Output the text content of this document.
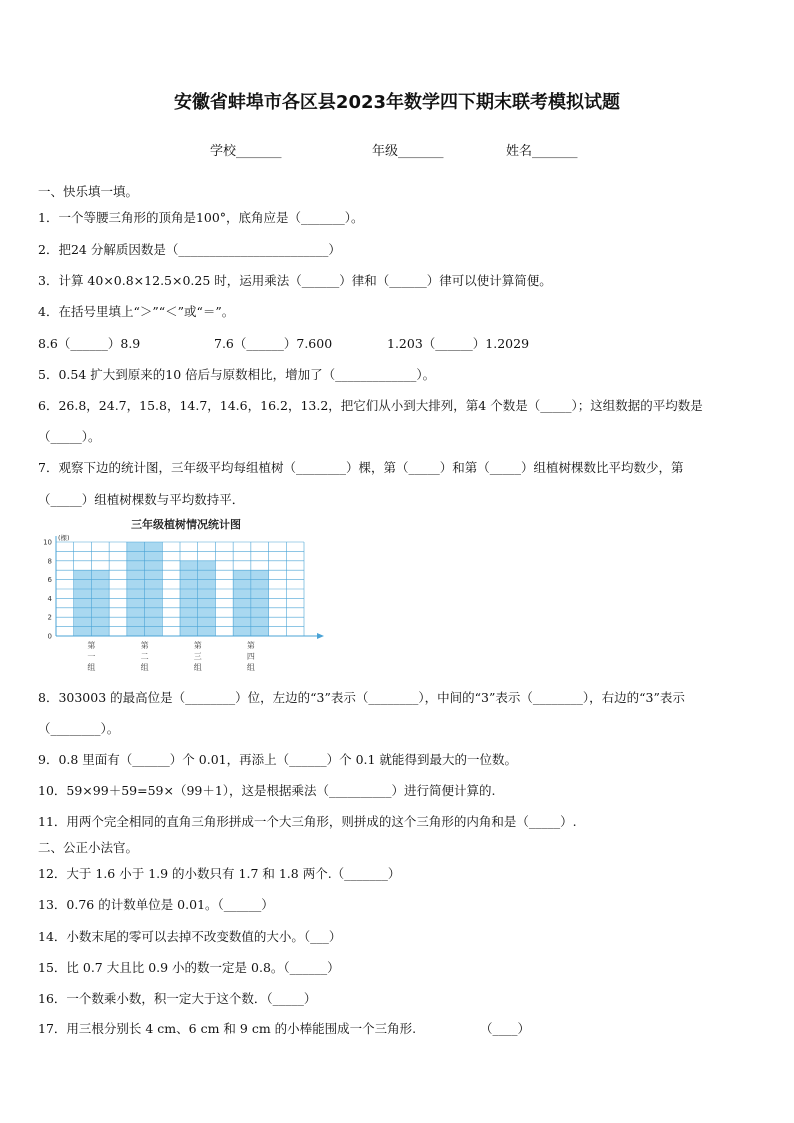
安徽省蚌埠市各区县2023年数学四下期末联考模拟试题
学校_______	年级_______	姓名_______
一、快乐填一填。
1．一个等腰三角形的顶角是100°，底角应是（_______）。
2．把24 分解质因数是（________________________）
3．计算 40×0.8×12.5×0.25 时，运用乘法（______）律和（______）律可以使计算简便。
4．在括号里填上“＞”“＜”或“＝”。
8.6（______）8.9	7.6（______）7.600	1.203（______）1.2029
5．0.54 扩大到原来的10 倍后与原数相比，增加了（_____________）。
6．26.8，24.7，15.8，14.7，14.6，16.2，13.2，把它们从小到大排列，第4 个数是（_____）；这组数据的平均数是
（_____）。
7．观察下边的统计图，三年级平均每组植树（________）棵，第（_____）和第（_____）组植树棵数比平均数少，第
（_____）组植树棵数与平均数持平．
三年级植树情况统计图
(棵)
0
2
4
6
8
10
第
一
组
第
二
组
第
三
组
第
四
组
8．303003 的最高位是（________）位，左边的“3”表示（________），中间的“3”表示（________），右边的“3”表示
（________）。
9．0.8 里面有（______）个 0.01，再添上（______）个 0.1 就能得到最大的一位数。
10．59×99＋59=59×（99＋1），这是根据乘法（__________）进行简便计算的.
11．用两个完全相同的直角三角形拼成一个大三角形，则拼成的这个三角形的内角和是（_____）.
二、公正小法官。
12．大于 1.6 小于 1.9 的小数只有 1.7 和 1.8 两个.（_______）
13．0.76 的计数单位是 0.01。（______）
14．小数末尾的零可以去掉不改变数值的大小。（___）
15．比 0.7 大且比 0.9 小的数一定是 0.8。（______）
16．一个数乘小数，积一定大于这个数．（_____）
17．用三根分别长 4 cm、6 cm 和 9 cm 的小棒能围成一个三角形.	（____）
